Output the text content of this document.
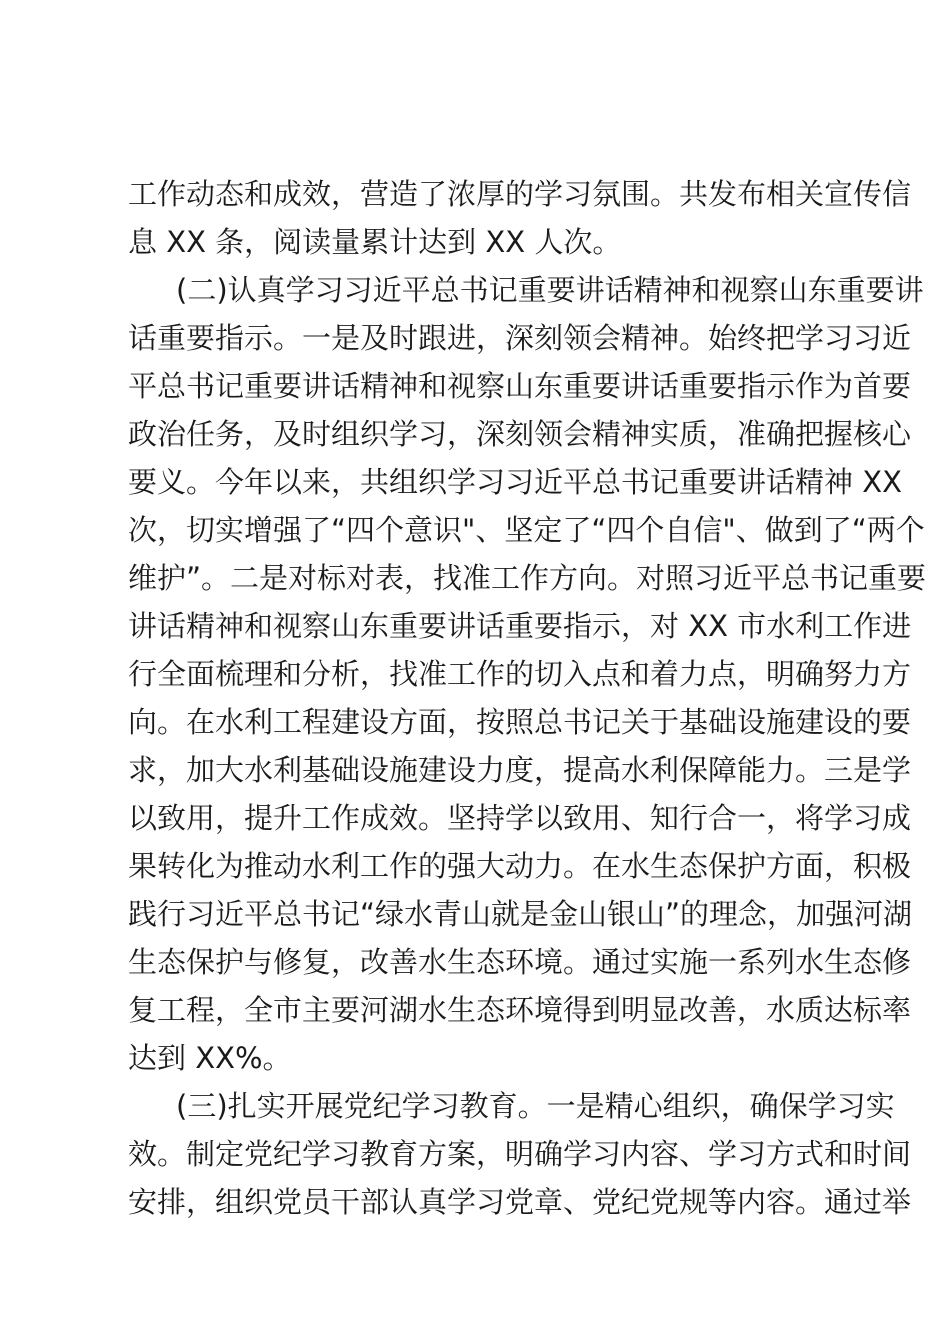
工作动态和成效，营造了浓厚的学习氛围。共发布相关宣传信
息 XX 条，阅读量累计达到 XX 人次。
(二)认真学习习近平总书记重要讲话精神和视察山东重要讲
话重要指示。一是及时跟进，深刻领会精神。始终把学习习近
平总书记重要讲话精神和视察山东重要讲话重要指示作为首要
政治任务，及时组织学习，深刻领会精神实质，准确把握核心
要义。今年以来，共组织学习习近平总书记重要讲话精神 XX
次，切实增强了“四个意识"、坚定了“四个自信"、做到了“两个
维护”。二是对标对表，找准工作方向。对照习近平总书记重要
讲话精神和视察山东重要讲话重要指示，对 XX 市水利工作进
行全面梳理和分析，找准工作的切入点和着力点，明确努力方
向。在水利工程建设方面，按照总书记关于基础设施建设的要
求，加大水利基础设施建设力度，提高水利保障能力。三是学
以致用，提升工作成效。坚持学以致用、知行合一，将学习成
果转化为推动水利工作的强大动力。在水生态保护方面，积极
践行习近平总书记“绿水青山就是金山银山”的理念，加强河湖
生态保护与修复，改善水生态环境。通过实施一系列水生态修
复工程，全市主要河湖水生态环境得到明显改善，水质达标率
达到 XX%。
(三)扎实开展党纪学习教育。一是精心组织，确保学习实
效。制定党纪学习教育方案，明确学习内容、学习方式和时间
安排，组织党员干部认真学习党章、党纪党规等内容。通过举
